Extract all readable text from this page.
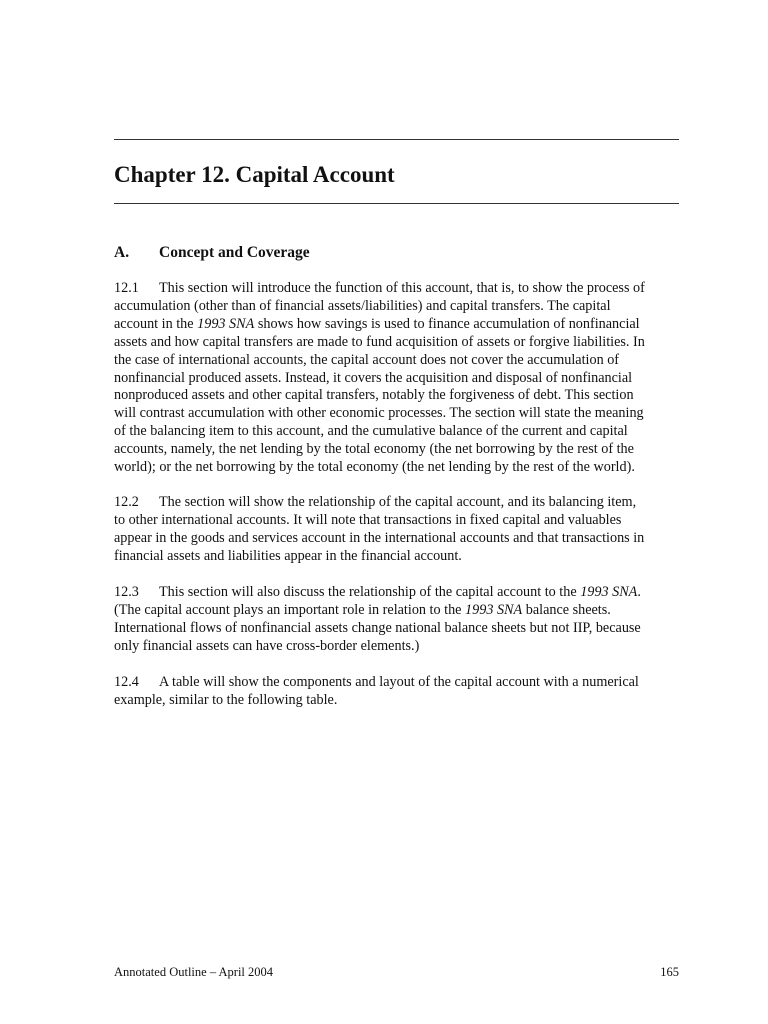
Chapter 12. Capital Account
A. Concept and Coverage
12.1 This section will introduce the function of this account, that is, to show the process of
accumulation (other than of financial assets/liabilities) and capital transfers. The capital
account in the 1993 SNA shows how savings is used to finance accumulation of nonfinancial
assets and how capital transfers are made to fund acquisition of assets or forgive liabilities. In
the case of international accounts, the capital account does not cover the accumulation of
nonfinancial produced assets. Instead, it covers the acquisition and disposal of nonfinancial
nonproduced assets and other capital transfers, notably the forgiveness of debt. This section
will contrast accumulation with other economic processes. The section will state the meaning
of the balancing item to this account, and the cumulative balance of the current and capital
accounts, namely, the net lending by the total economy (the net borrowing by the rest of the
world); or the net borrowing by the total economy (the net lending by the rest of the world).
12.2 The section will show the relationship of the capital account, and its balancing item,
to other international accounts. It will note that transactions in fixed capital and valuables
appear in the goods and services account in the international accounts and that transactions in
financial assets and liabilities appear in the financial account.
12.3 This section will also discuss the relationship of the capital account to the 1993 SNA.
(The capital account plays an important role in relation to the 1993 SNA balance sheets.
International flows of nonfinancial assets change national balance sheets but not IIP, because
only financial assets can have cross-border elements.)
12.4 A table will show the components and layout of the capital account with a numerical
example, similar to the following table.
Annotated Outline – April 2004	165
